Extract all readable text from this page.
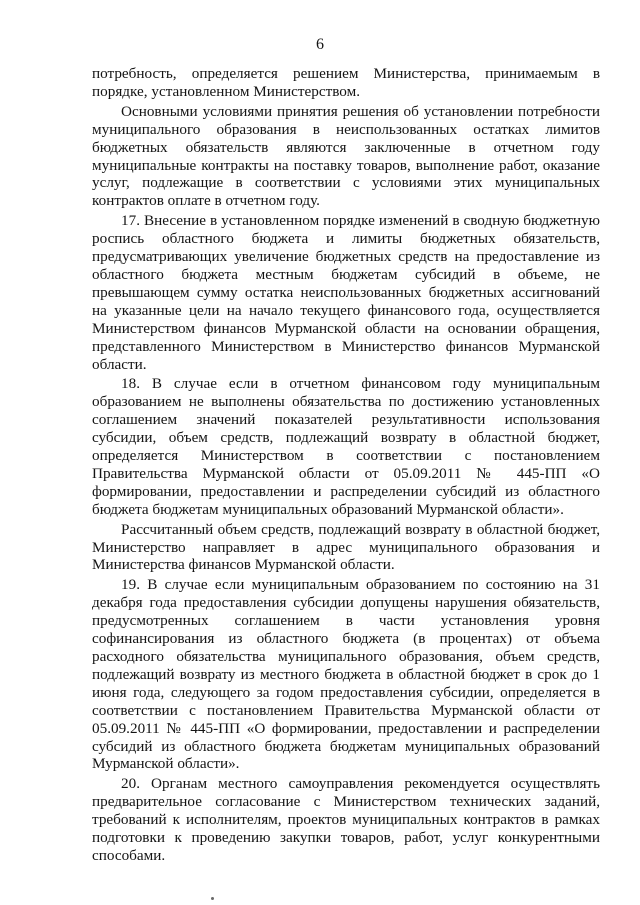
6

потребность, определяется решением Министерства, принимаемым в порядке, установленном Министерством.

Основными условиями принятия решения об установлении потребности муниципального образования в неиспользованных остатках лимитов бюджетных обязательств являются заключенные в отчетном году муниципальные контракты на поставку товаров, выполнение работ, оказание услуг, подлежащие в соответствии с условиями этих муниципальных контрактов оплате в отчетном году.

17. Внесение в установленном порядке изменений в сводную бюджетную роспись областного бюджета и лимиты бюджетных обязательств, предусматривающих увеличение бюджетных средств на предоставление из областного бюджета местным бюджетам субсидий в объеме, не превышающем сумму остатка неиспользованных бюджетных ассигнований на указанные цели на начало текущего финансового года, осуществляется Министерством финансов Мурманской области на основании обращения, представленного Министерством в Министерство финансов Мурманской области.

18. В случае если в отчетном финансовом году муниципальным образованием не выполнены обязательства по достижению установленных соглашением значений показателей результативности использования субсидии, объем средств, подлежащий возврату в областной бюджет, определяется Министерством в соответствии с постановлением Правительства Мурманской области от 05.09.2011 № 445-ПП «О формировании, предоставлении и распределении субсидий из областного бюджета бюджетам муниципальных образований Мурманской области».

Рассчитанный объем средств, подлежащий возврату в областной бюджет, Министерство направляет в адрес муниципального образования и Министерства финансов Мурманской области.

19. В случае если муниципальным образованием по состоянию на 31 декабря года предоставления субсидии допущены нарушения обязательств, предусмотренных соглашением в части установления уровня софинансирования из областного бюджета (в процентах) от объема расходного обязательства муниципального образования, объем средств, подлежащий возврату из местного бюджета в областной бюджет в срок до 1 июня года, следующего за годом предоставления субсидии, определяется в соответствии с постановлением Правительства Мурманской области от 05.09.2011 № 445-ПП «О формировании, предоставлении и распределении субсидий из областного бюджета бюджетам муниципальных образований Мурманской области».

20. Органам местного самоуправления рекомендуется осуществлять предварительное согласование с Министерством технических заданий, требований к исполнителям, проектов муниципальных контрактов в рамках подготовки к проведению закупки товаров, работ, услуг конкурентными способами.
